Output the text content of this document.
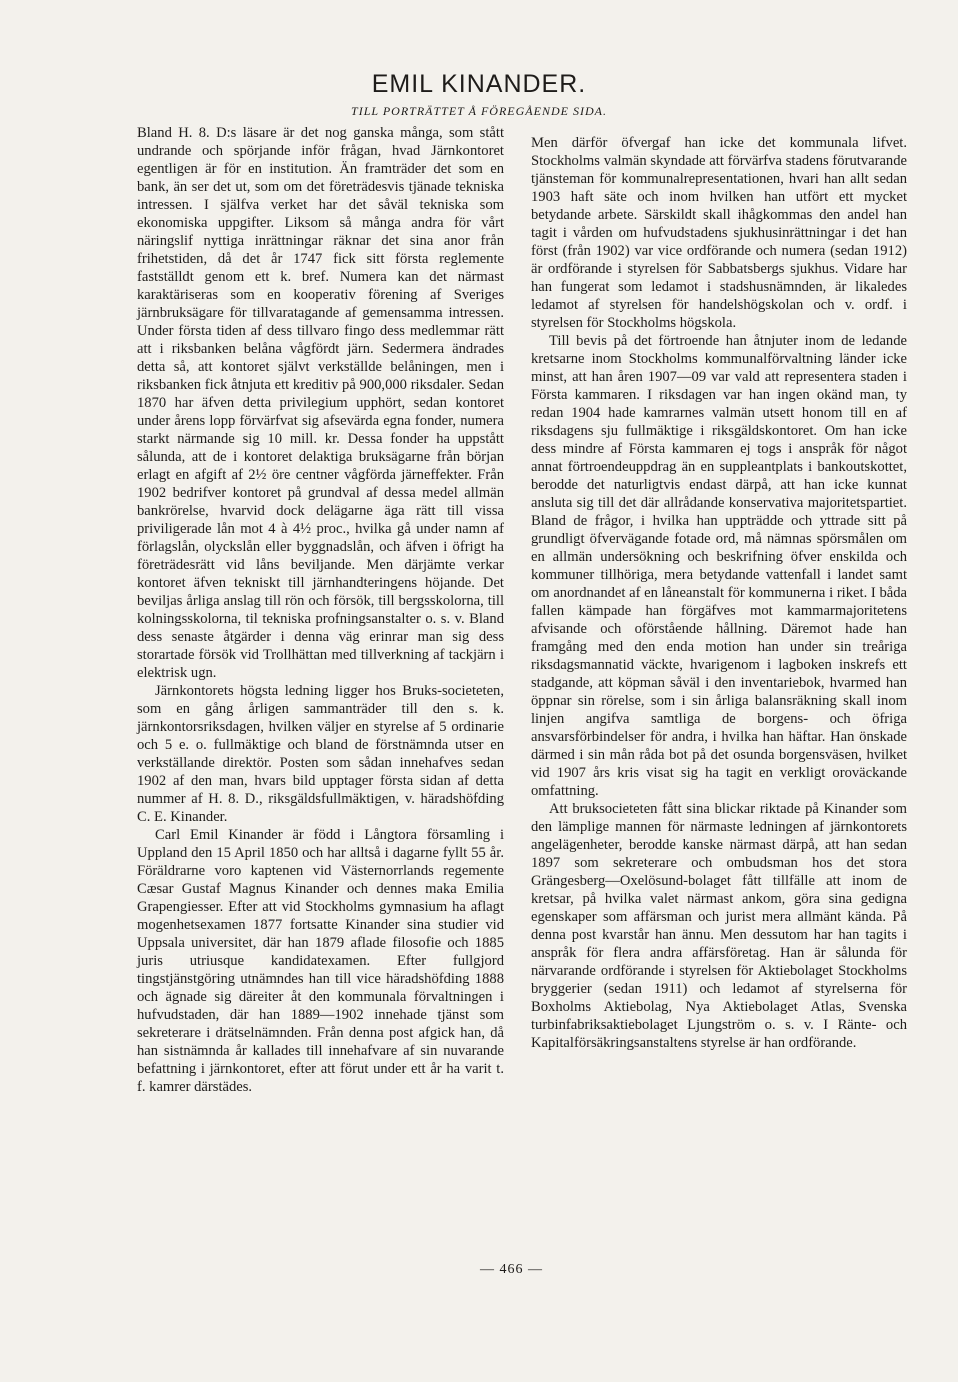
EMIL KINANDER.

TILL PORTRÄTTET Å FÖREGÅENDE SIDA.

Bland H. 8. D:s läsare är det nog ganska många, som stått undrande och spörjande inför frågan, hvad Järnkontoret egentligen är för en institution. Än framträder det som en bank, än ser det ut, som om det företrädesvis tjänade tekniska intressen. I själfva verket har det såväl tekniska som ekonomiska uppgifter. Liksom så många andra för vårt näringslif nyttiga inrättningar räknar det sina anor från frihetstiden, då det år 1747 fick sitt första reglemente fastställdt genom ett k. bref. Numera kan det närmast karaktäriseras som en kooperativ förening af Sveriges järnbruksägare för tillvaratagande af gemensamma intressen. Under första tiden af dess tillvaro fingo dess medlemmar rätt att i riksbanken belåna vågfördt järn. Sedermera ändrades detta så, att kontoret självt verkställde belåningen, men i riksbanken fick åtnjuta ett kreditiv på 900,000 riksdaler. Sedan 1870 har äfven detta privilegium upphört, sedan kontoret under årens lopp förvärfvat sig afsevärda egna fonder, numera starkt närmande sig 10 mill. kr. Dessa fonder ha uppstått sålunda, att de i kontoret delaktiga bruksägarne från början erlagt en afgift af 2½ öre centner vågförda järneffekter. Från 1902 bedrifver kontoret på grundval af dessa medel allmän bankrörelse, hvarvid dock delägarne äga rätt till vissa priviligerade lån mot 4 à 4½ proc., hvilka gå under namn af förlagslån, olyckslån eller byggnadslån, och äfven i öfrigt ha företrädesrätt vid låns beviljande. Men därjämte verkar kontoret äfven tekniskt till järnhandteringens höjande. Det beviljas årliga anslag till rön och försök, till bergsskolorna, till kolningsskolorna, til tekniska profningsanstalter o. s. v. Bland dess senaste åtgärder i denna väg erinrar man sig dess storartade försök vid Trollhättan med tillverkning af tackjärn i elektrisk ugn.

Järnkontorets högsta ledning ligger hos Bruks-societeten, som en gång årligen sammanträder till den s. k. järnkontorsriksdagen, hvilken väljer en styrelse af 5 ordinarie och 5 e. o. fullmäktige och bland de förstnämnda utser en verkställande direktör. Posten som sådan innehafves sedan 1902 af den man, hvars bild upptager första sidan af detta nummer af H. 8. D., riksgäldsfullmäktigen, v. häradshöfding C. E. Kinander.

Carl Emil Kinander är född i Långtora församling i Uppland den 15 April 1850 och har alltså i dagarne fyllt 55 år. Föräldrarne voro kaptenen vid Västernorrlands regemente Cæsar Gustaf Magnus Kinander och dennes maka Emilia Grapengiesser. Efter att vid Stockholms gymnasium ha aflagt mogenhetsexamen 1877 fortsatte Kinander sina studier vid Uppsala universitet, där han 1879 aflade filosofie och 1885 juris utriusque kandidatexamen. Efter fullgjord tingstjänstgöring utnämndes han till vice häradshöfding 1888 och ägnade sig däreiter åt den kommunala förvaltningen i hufvudstaden, där han 1889—1902 innehade tjänst som sekreterare i drätselnämnden. Från denna post afgick han, då han sistnämnda år kallades till innehafvare af sin nuvarande befattning i järnkontoret, efter att förut under ett år ha varit t. f. kamrer därstädes.

Men därför öfvergaf han icke det kommunala lifvet. Stockholms valmän skyndade att förvärfva stadens förutvarande tjänsteman för kommunalrepresentationen, hvari han allt sedan 1903 haft säte och inom hvilken han utfört ett mycket betydande arbete. Särskildt skall ihågkommas den andel han tagit i vården om hufvudstadens sjukhusinrättningar i det han först (från 1902) var vice ordförande och numera (sedan 1912) är ordförande i styrelsen för Sabbatsbergs sjukhus. Vidare har han fungerat som ledamot i stadshusnämnden, är likaledes ledamot af styrelsen för handelshögskolan och v. ordf. i styrelsen för Stockholms högskola.

Till bevis på det förtroende han åtnjuter inom de ledande kretsarne inom Stockholms kommunalförvaltning länder icke minst, att han åren 1907—09 var vald att representera staden i Första kammaren. I riksdagen var han ingen okänd man, ty redan 1904 hade kamrarnes valmän utsett honom till en af riksdagens sju fullmäktige i riksgäldskontoret. Om han icke dess mindre af Första kammaren ej togs i anspråk för något annat förtroendeuppdrag än en suppleantplats i bankoutskottet, berodde det naturligtvis endast därpå, att han icke kunnat ansluta sig till det där allrådande konservativa majoritetspartiet. Bland de frågor, i hvilka han uppträdde och yttrade sitt på grundligt öfvervägande fotade ord, må nämnas spörsmålen om en allmän undersökning och beskrifning öfver enskilda och kommuner tillhöriga, mera betydande vattenfall i landet samt om anordnandet af en låneanstalt för kommunerna i riket. I båda fallen kämpade han förgäfves mot kammarmajoritetens afvisande och oförstående hållning. Däremot hade han framgång med den enda motion han under sin treåriga riksdagsmannatid väckte, hvarigenom i lagboken inskrefs ett stadgande, att köpman såväl i den inventariebok, hvarmed han öppnar sin rörelse, som i sin årliga balansräkning skall inom linjen angifva samtliga de borgens- och öfriga ansvarsförbindelser för andra, i hvilka han häftar. Han önskade därmed i sin mån råda bot på det osunda borgensväsen, hvilket vid 1907 års kris visat sig ha tagit en verkligt oroväckande omfattning.

Att bruksocieteten fått sina blickar riktade på Kinander som den lämplige mannen för närmaste ledningen af järnkontorets angelägenheter, berodde kanske närmast därpå, att han sedan 1897 som sekreterare och ombudsman hos det stora Grängesberg—Oxelösund-bolaget fått tillfälle att inom de kretsar, på hvilka valet närmast ankom, göra sina gedigna egenskaper som affärsman och jurist mera allmänt kända. På denna post kvarstår han ännu. Men dessutom har han tagits i anspråk för flera andra affärsföretag. Han är sålunda för närvarande ordförande i styrelsen för Aktiebolaget Stockholms bryggerier (sedan 1911) och ledamot af styrelserna för Boxholms Aktiebolag, Nya Aktiebolaget Atlas, Svenska turbinfabriksaktiebolaget Ljungström o. s. v. I Ränte- och Kapitalförsäkringsanstaltens styrelse är han ordförande.

— 466 —
